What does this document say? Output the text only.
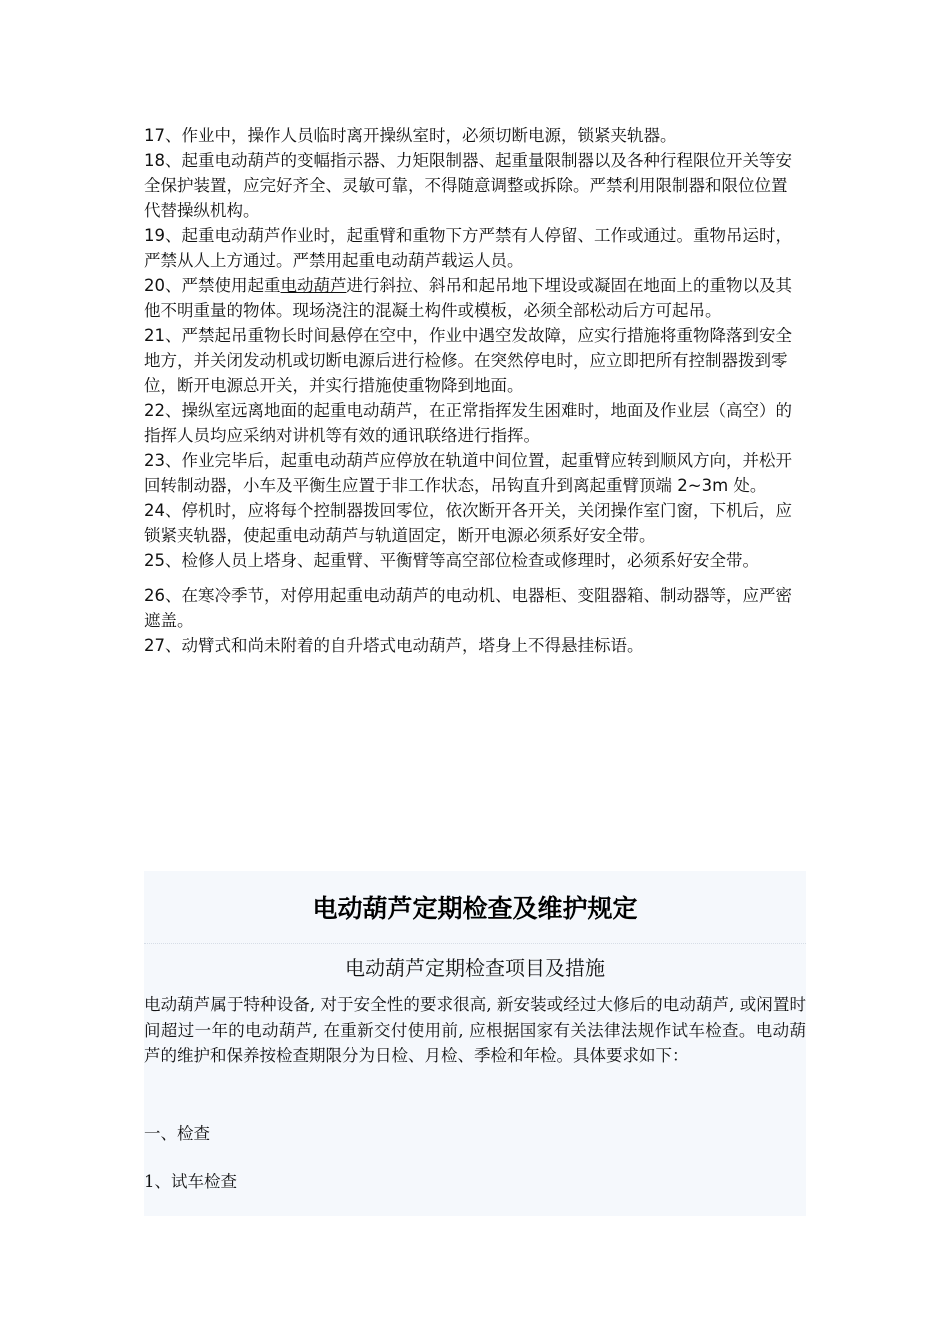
17、作业中，操作人员临时离开操纵室时，必须切断电源，锁紧夹轨器。

18、起重电动葫芦的变幅指示器、力矩限制器、起重量限制器以及各种行程限位开关等安全保护装置，应完好齐全、灵敏可靠，不得随意调整或拆除。严禁利用限制器和限位位置代替操纵机构。

19、起重电动葫芦作业时，起重臂和重物下方严禁有人停留、工作或通过。重物吊运时，严禁从人上方通过。严禁用起重电动葫芦载运人员。

20、严禁使用起重电动葫芦进行斜拉、斜吊和起吊地下埋设或凝固在地面上的重物以及其他不明重量的物体。现场浇注的混凝土构件或模板，必须全部松动后方可起吊。

21、严禁起吊重物长时间悬停在空中，作业中遇空发故障，应实行措施将重物降落到安全地方，并关闭发动机或切断电源后进行检修。在突然停电时，应立即把所有控制器拨到零位，断开电源总开关，并实行措施使重物降到地面。

22、操纵室远离地面的起重电动葫芦，在正常指挥发生困难时，地面及作业层（高空）的指挥人员均应采纳对讲机等有效的通讯联络进行指挥。

23、作业完毕后，起重电动葫芦应停放在轨道中间位置，起重臂应转到顺风方向，并松开回转制动器，小车及平衡生应置于非工作状态，吊钩直升到离起重臂顶端 2~3m 处。

24、停机时，应将每个控制器拨回零位，依次断开各开关，关闭操作室门窗，下机后，应锁紧夹轨器，使起重电动葫芦与轨道固定，断开电源必须系好安全带。

25、检修人员上塔身、起重臂、平衡臂等高空部位检查或修理时，必须系好安全带。

26、在寒冷季节，对停用起重电动葫芦的电动机、电器柜、变阻器箱、制动器等，应严密遮盖。

27、动臂式和尚未附着的自升塔式电动葫芦，塔身上不得悬挂标语。

电动葫芦定期检查及维护规定
电动葫芦定期检查项目及措施

电动葫芦属于特种设备, 对于安全性的要求很高, 新安装或经过大修后的电动葫芦, 或闲置时间超过一年的电动葫芦, 在重新交付使用前, 应根据国家有关法律法规作试车检查。电动葫芦的维护和保养按检查期限分为日检、月检、季检和年检。具体要求如下：

一、检查

1、试车检查
